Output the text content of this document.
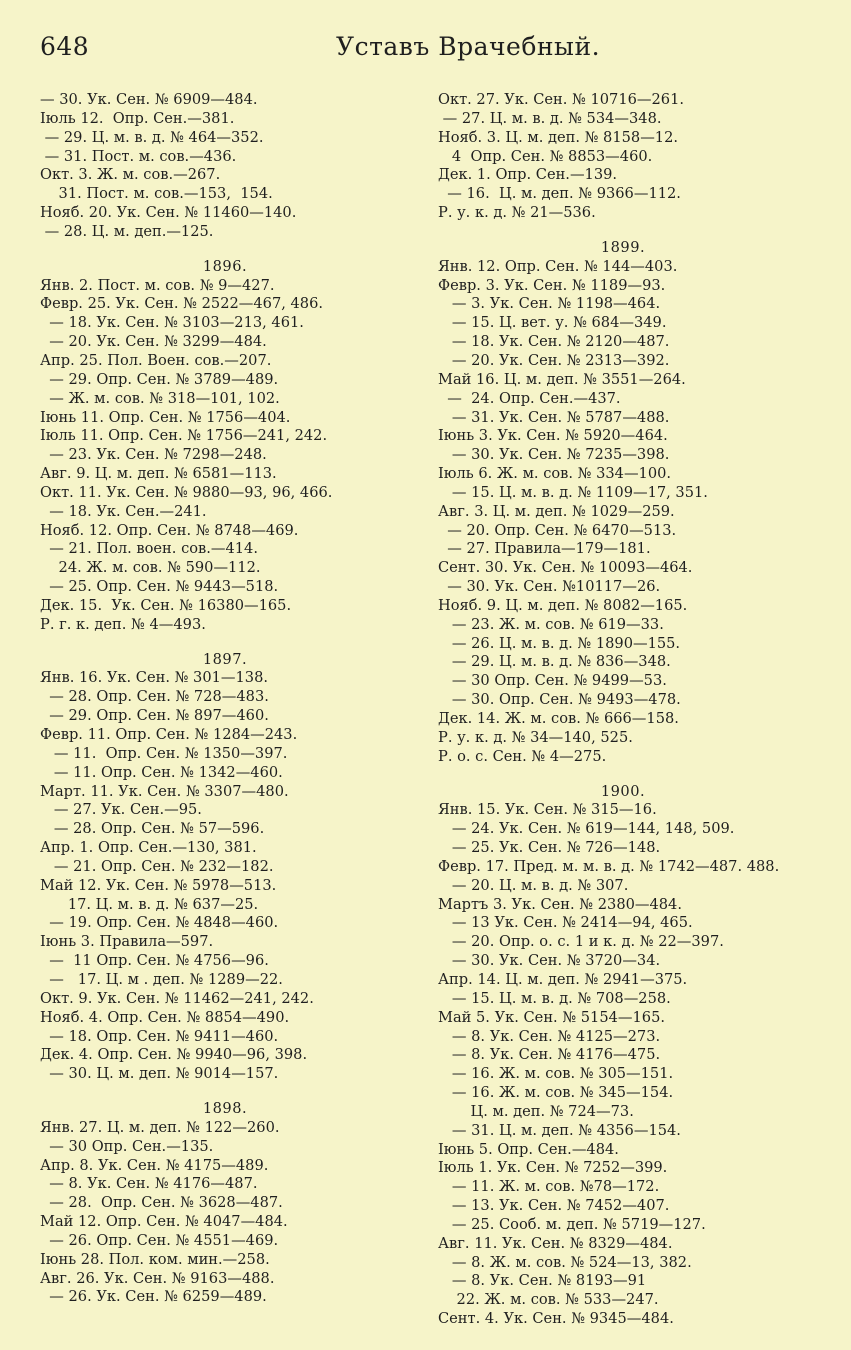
648	Уставъ Врачебный.
— 30. Ук. Сен. № 6909—484.
Іюль 12.  Опр. Сен.—381.
— 29. Ц. м. в. д. № 464—352.
— 31. Пост. м. сов.—436.
Окт. 3. Ж. м. сов.—267.
31. Пост. м. сов.—153,  154.
Нояб. 20. Ук. Сен. № 11460—140.
— 28. Ц. м. деп.—125.
1896.
Янв. 2. Пост. м. сов. № 9—427.
Февр. 25. Ук. Сен. № 2522—467, 486.
— 18. Ук. Сен. № 3103—213, 461.
— 20. Ук. Сен. № 3299—484.
Апр. 25. Пол. Воен. сов.—207.
— 29. Опр. Сен. № 3789—489.
— Ж. м. сов. № 318—101, 102.
Іюнь 11. Опр. Сен. № 1756—404.
Іюль 11. Опр. Сен. № 1756—241, 242.
— 23. Ук. Сен. № 7298—248.
Авг. 9. Ц. м. деп. № 6581—113.
Окт. 11. Ук. Сен. № 9880—93, 96, 466.
— 18. Ук. Сен.—241.
Нояб. 12. Опр. Сен. № 8748—469.
— 21. Пол. воен. сов.—414.
24. Ж. м. сов. № 590—112.
— 25. Опр. Сен. № 9443—518.
Дек. 15.  Ук. Сен. № 16380—165.
Р. г. к. деп. № 4—493.
1897.
Янв. 16. Ук. Сен. № 301—138.
— 28. Опр. Сен. № 728—483.
— 29. Опр. Сен. № 897—460.
Февр. 11. Опр. Сен. № 1284—243.
— 11.  Опр. Сен. № 1350—397.
— 11. Опр. Сен. № 1342—460.
Март. 11. Ук. Сен. № 3307—480.
— 27. Ук. Сен.—95.
— 28. Опр. Сен. № 57—596.
Апр. 1. Опр. Сен.—130, 381.
— 21. Опр. Сен. № 232—182.
Май 12. Ук. Сен. № 5978—513.
17. Ц. м. в. д. № 637—25.
— 19. Опр. Сен. № 4848—460.
Іюнь 3. Правила—597.
—  11 Опр. Сен. № 4756—96.
—   17. Ц. м . деп. № 1289—22.
Окт. 9. Ук. Сен. № 11462—241, 242.
Нояб. 4. Опр. Сен. № 8854—490.
— 18. Опр. Сен. № 9411—460.
Дек. 4. Опр. Сен. № 9940—96, 398.
— 30. Ц. м. деп. № 9014—157.
1898.
Янв. 27. Ц. м. деп. № 122—260.
— 30 Опр. Сен.—135.
Апр. 8. Ук. Сен. № 4175—489.
— 8. Ук. Сен. № 4176—487.
— 28.  Опр. Сен. № 3628—487.
Май 12. Опр. Сен. № 4047—484.
— 26. Опр. Сен. № 4551—469.
Іюнь 28. Пол. ком. мин.—258.
Авг. 26. Ук. Сен. № 9163—488.
— 26. Ук. Сен. № 6259—489.
Окт. 27. Ук. Сен. № 10716—261.
— 27. Ц. м. в. д. № 534—348.
Нояб. 3. Ц. м. деп. № 8158—12.
4  Опр. Сен. № 8853—460.
Дек. 1. Опр. Сен.—139.
— 16.  Ц. м. деп. № 9366—112.
Р. у. к. д. № 21—536.
1899.
Янв. 12. Опр. Сен. № 144—403.
Февр. 3. Ук. Сен. № 1189—93.
— 3. Ук. Сен. № 1198—464.
— 15. Ц. вет. у. № 684—349.
— 18. Ук. Сен. № 2120—487.
— 20. Ук. Сен. № 2313—392.
Май 16. Ц. м. деп. № 3551—264.
—  24. Опр. Сен.—437.
— 31. Ук. Сен. № 5787—488.
Іюнь 3. Ук. Сен. № 5920—464.
— 30. Ук. Сен. № 7235—398.
Іюль 6. Ж. м. сов. № 334—100.
— 15. Ц. м. в. д. № 1109—17, 351.
Авг. 3. Ц. м. деп. № 1029—259.
— 20. Опр. Сен. № 6470—513.
— 27. Правила—179—181.
Сент. 30. Ук. Сен. № 10093—464.
— 30. Ук. Сен. №10117—26.
Нояб. 9. Ц. м. деп. № 8082—165.
— 23. Ж. м. сов. № 619—33.
— 26. Ц. м. в. д. № 1890—155.
— 29. Ц. м. в. д. № 836—348.
— 30 Опр. Сен. № 9499—53.
— 30. Опр. Сен. № 9493—478.
Дек. 14. Ж. м. сов. № 666—158.
Р. у. к. д. № 34—140, 525.
Р. о. с. Сен. № 4—275.
1900.
Янв. 15. Ук. Сен. № 315—16.
— 24. Ук. Сен. № 619—144, 148, 509.
— 25. Ук. Сен. № 726—148.
Февр. 17. Пред. м. м. в. д. № 1742—487. 488.
— 20. Ц. м. в. д. № 307.
Мартъ 3. Ук. Сен. № 2380—484.
— 13 Ук. Сен. № 2414—94, 465.
— 20. Опр. о. с. 1 и к. д. № 22—397.
— 30. Ук. Сен. № 3720—34.
Апр. 14. Ц. м. деп. № 2941—375.
— 15. Ц. м. в. д. № 708—258.
Май 5. Ук. Сен. № 5154—165.
— 8. Ук. Сен. № 4125—273.
— 8. Ук. Сен. № 4176—475.
— 16. Ж. м. сов. № 305—151.
— 16. Ж. м. сов. № 345—154.
Ц. м. деп. № 724—73.
— 31. Ц. м. деп. № 4356—154.
Іюнь 5. Опр. Сен.—484.
Іюль 1. Ук. Сен. № 7252—399.
— 11. Ж. м. сов. №78—172.
— 13. Ук. Сен. № 7452—407.
— 25. Сооб. м. деп. № 5719—127.
Авг. 11. Ук. Сен. № 8329—484.
— 8. Ж. м. сов. № 524—13, 382.
— 8. Ук. Сен. № 8193—91
22. Ж. м. сов. № 533—247.
Сент. 4. Ук. Сен. № 9345—484.
